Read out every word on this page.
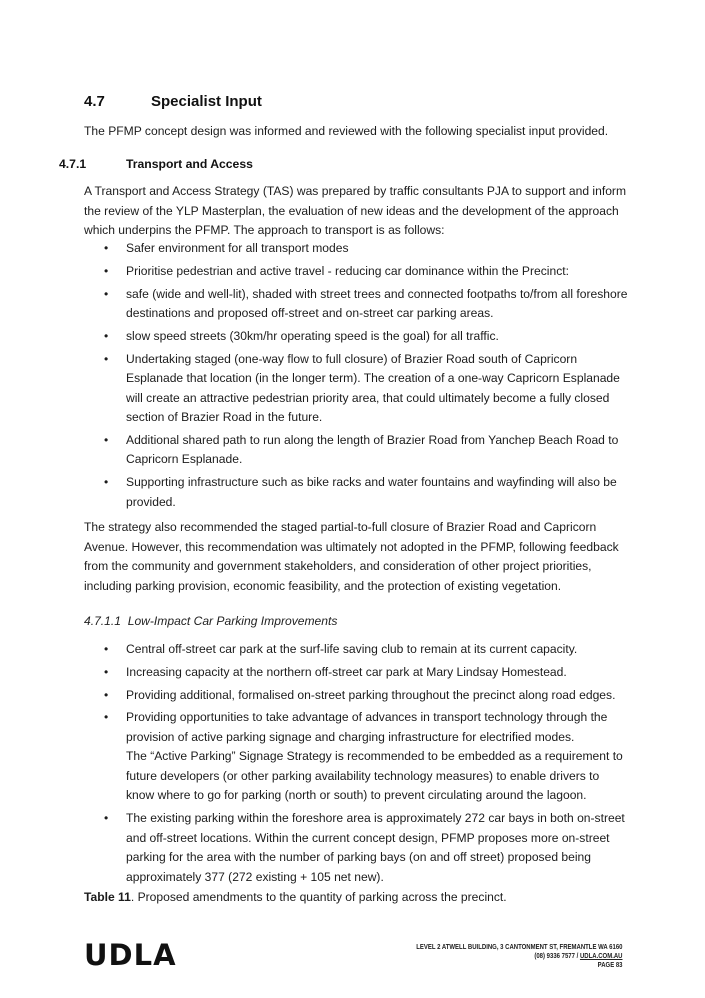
4.7	Specialist Input
The PFMP concept design was informed and reviewed with the following specialist input provided.
4.7.1	Transport and Access
A Transport and Access Strategy (TAS) was prepared by traffic consultants PJA to support and inform the review of the YLP Masterplan, the evaluation of new ideas and the development of the approach which underpins the PFMP. The approach to transport is as follows:
• Safer environment for all transport modes
• Prioritise pedestrian and active travel - reducing car dominance within the Precinct:
• safe (wide and well-lit), shaded with street trees and connected footpaths to/from all foreshore destinations and proposed off-street and on-street car parking areas.
• slow speed streets (30km/hr operating speed is the goal) for all traffic.
• Undertaking staged (one-way flow to full closure) of Brazier Road south of Capricorn Esplanade that location (in the longer term). The creation of a one-way Capricorn Esplanade will create an attractive pedestrian priority area, that could ultimately become a fully closed section of Brazier Road in the future.
• Additional shared path to run along the length of Brazier Road from Yanchep Beach Road to Capricorn Esplanade.
• Supporting infrastructure such as bike racks and water fountains and wayfinding will also be provided.
The strategy also recommended the staged partial-to-full closure of Brazier Road and Capricorn Avenue. However, this recommendation was ultimately not adopted in the PFMP, following feedback from the community and government stakeholders, and consideration of other project priorities, including parking provision, economic feasibility, and the protection of existing vegetation.
4.7.1.1 Low-Impact Car Parking Improvements
• Central off-street car park at the surf-life saving club to remain at its current capacity.
• Increasing capacity at the northern off-street car park at Mary Lindsay Homestead.
• Providing additional, formalised on-street parking throughout the precinct along road edges.
• Providing opportunities to take advantage of advances in transport technology through the provision of active parking signage and charging infrastructure for electrified modes.
The “Active Parking” Signage Strategy is recommended to be embedded as a requirement to future developers (or other parking availability technology measures) to enable drivers to know where to go for parking (north or south) to prevent circulating around the lagoon.
• The existing parking within the foreshore area is approximately 272 car bays in both on-street and off-street locations. Within the current concept design, PFMP proposes more on-street parking for the area with the number of parking bays (on and off street) proposed being approximately 377 (272 existing + 105 net new).
Table 11. Proposed amendments to the quantity of parking across the precinct.
UDLA	LEVEL 2 ATWELL BUILDING, 3 CANTONMENT ST, FREMANTLE WA 6160
(08) 9336 7577 / UDLA.COM.AU
PAGE 83
